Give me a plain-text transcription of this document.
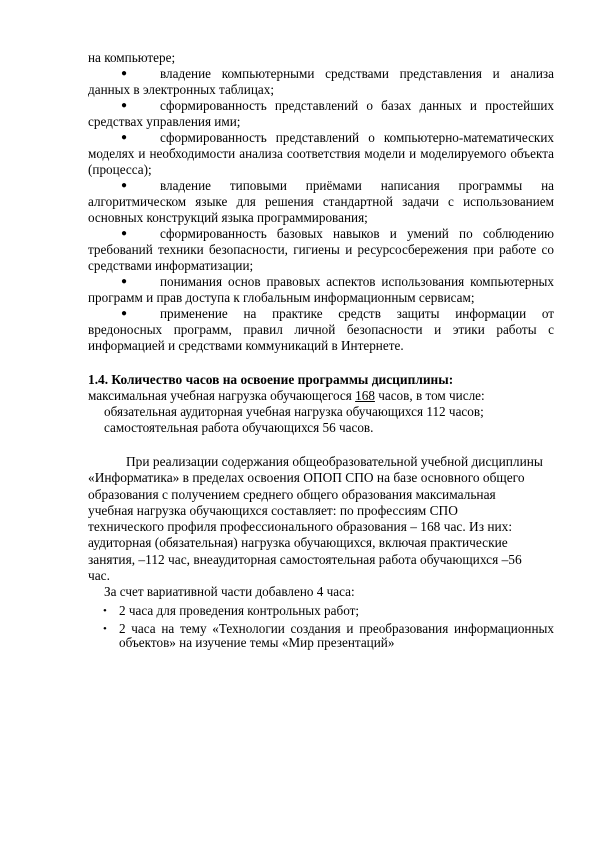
на компьютере;

● владение компьютерными средствами представления и анализа данных в электронных таблицах;

● сформированность представлений о базах данных и простейших средствах управления ими;

● сформированность представлений о компьютерно-математических моделях и необходимости анализа соответствия модели и моделируемого объекта (процесса);

● владение типовыми приёмами написания программы на алгоритмическом языке для решения стандартной задачи с использованием основных конструкций языка программирования;

● сформированность базовых навыков и умений по соблюдению требований техники безопасности, гигиены и ресурсосбережения при работе со средствами информатизации;

● понимания основ правовых аспектов использования компьютерных программ и прав доступа к глобальным информационным сервисам;

● применение на практике средств защиты информации от вредоносных программ, правил личной безопасности и этики работы с информацией и средствами коммуникаций в Интернете.

1.4. Количество часов на освоение программы дисциплины:

максимальная учебная нагрузка обучающегося 168 часов, в том числе:

обязательная аудиторная учебная нагрузка обучающихся 112 часов;

самостоятельная работа обучающихся 56 часов.

При реализации содержания общеобразовательной учебной дисциплины
«Информатика» в пределах освоения ОПОП СПО на базе основного общего
образования с получением среднего общего образования максимальная
учебная нагрузка обучающихся составляет: по профессиям СПО
технического профиля профессионального образования – 168 час. Из них:
аудиторная (обязательная) нагрузка обучающихся, включая практические
занятия, –112 час, внеаудиторная самостоятельная работа обучающихся –56
час.

За счет вариативной части добавлено 4 часа:

• 2 часа для проведения контрольных работ;

• 2 часа на тему «Технологии создания и преобразования информационных объектов» на изучение темы «Мир презентаций»
